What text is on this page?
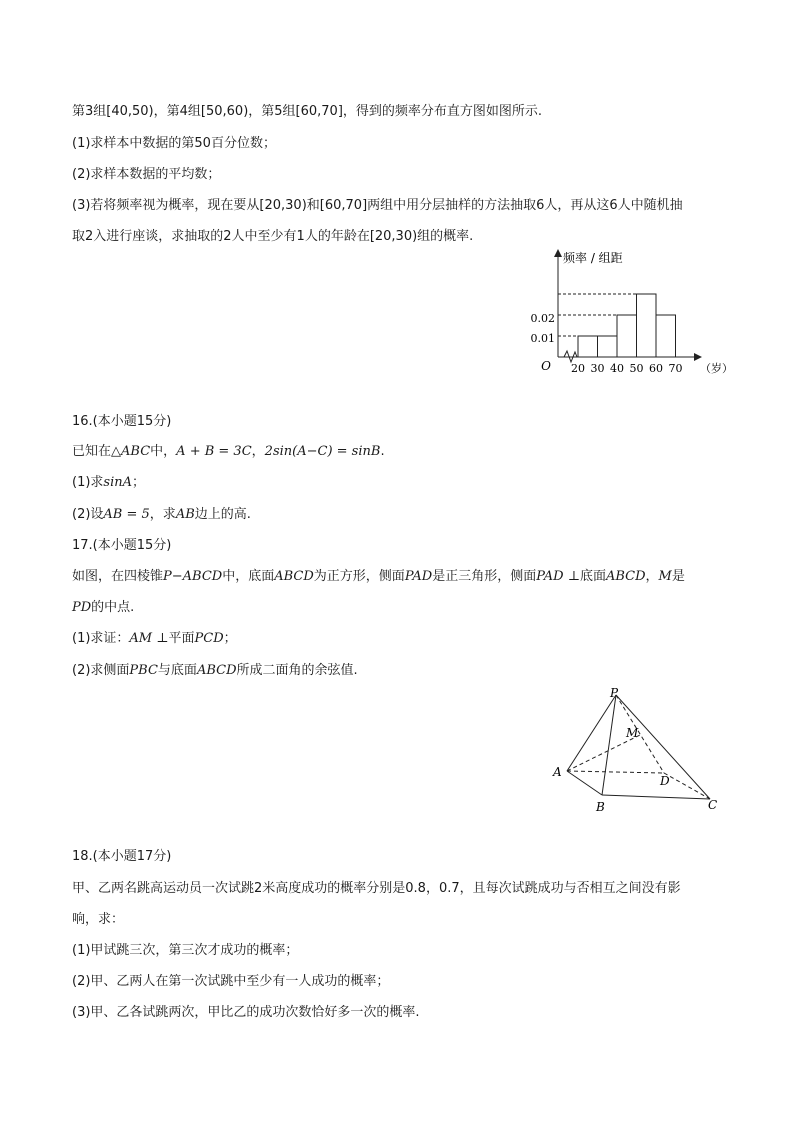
第3组[40,50)，第4组[50,60)，第5组[60,70]，得到的频率分布直方图如图所示.
(1)求样本中数据的第50百分位数；
(2)求样本数据的平均数；
(3)若将频率视为概率，现在要从[20,30)和[60,70]两组中用分层抽样的方法抽取6人，再从这6人中随机抽
取2入进行座谈，求抽取的2人中至少有1人的年龄在[20,30)组的概率.
频率 / 组距
0.02
0.01
O 20 30 40 50 60 70 （岁）
16.(本小题15分)
已知在△ABC中，A + B = 3C，2sin(A−C) = sinB.
(1)求sinA；
(2)设AB = 5，求AB边上的高.
17.(本小题15分)
如图，在四棱锥P−ABCD中，底面ABCD为正方形，侧面PAD是正三角形，侧面PAD ⊥底面ABCD，M是
PD的中点.
(1)求证：AM ⊥平面PCD；
(2)求侧面PBC与底面ABCD所成二面角的余弦值.
P
M
A
D
B	C
18.(本小题17分)
甲、乙两名跳高运动员一次试跳2米高度成功的概率分别是0.8，0.7，且每次试跳成功与否相互之间没有影
响，求：
(1)甲试跳三次，第三次才成功的概率；
(2)甲、乙两人在第一次试跳中至少有一人成功的概率；
(3)甲、乙各试跳两次，甲比乙的成功次数恰好多一次的概率.
